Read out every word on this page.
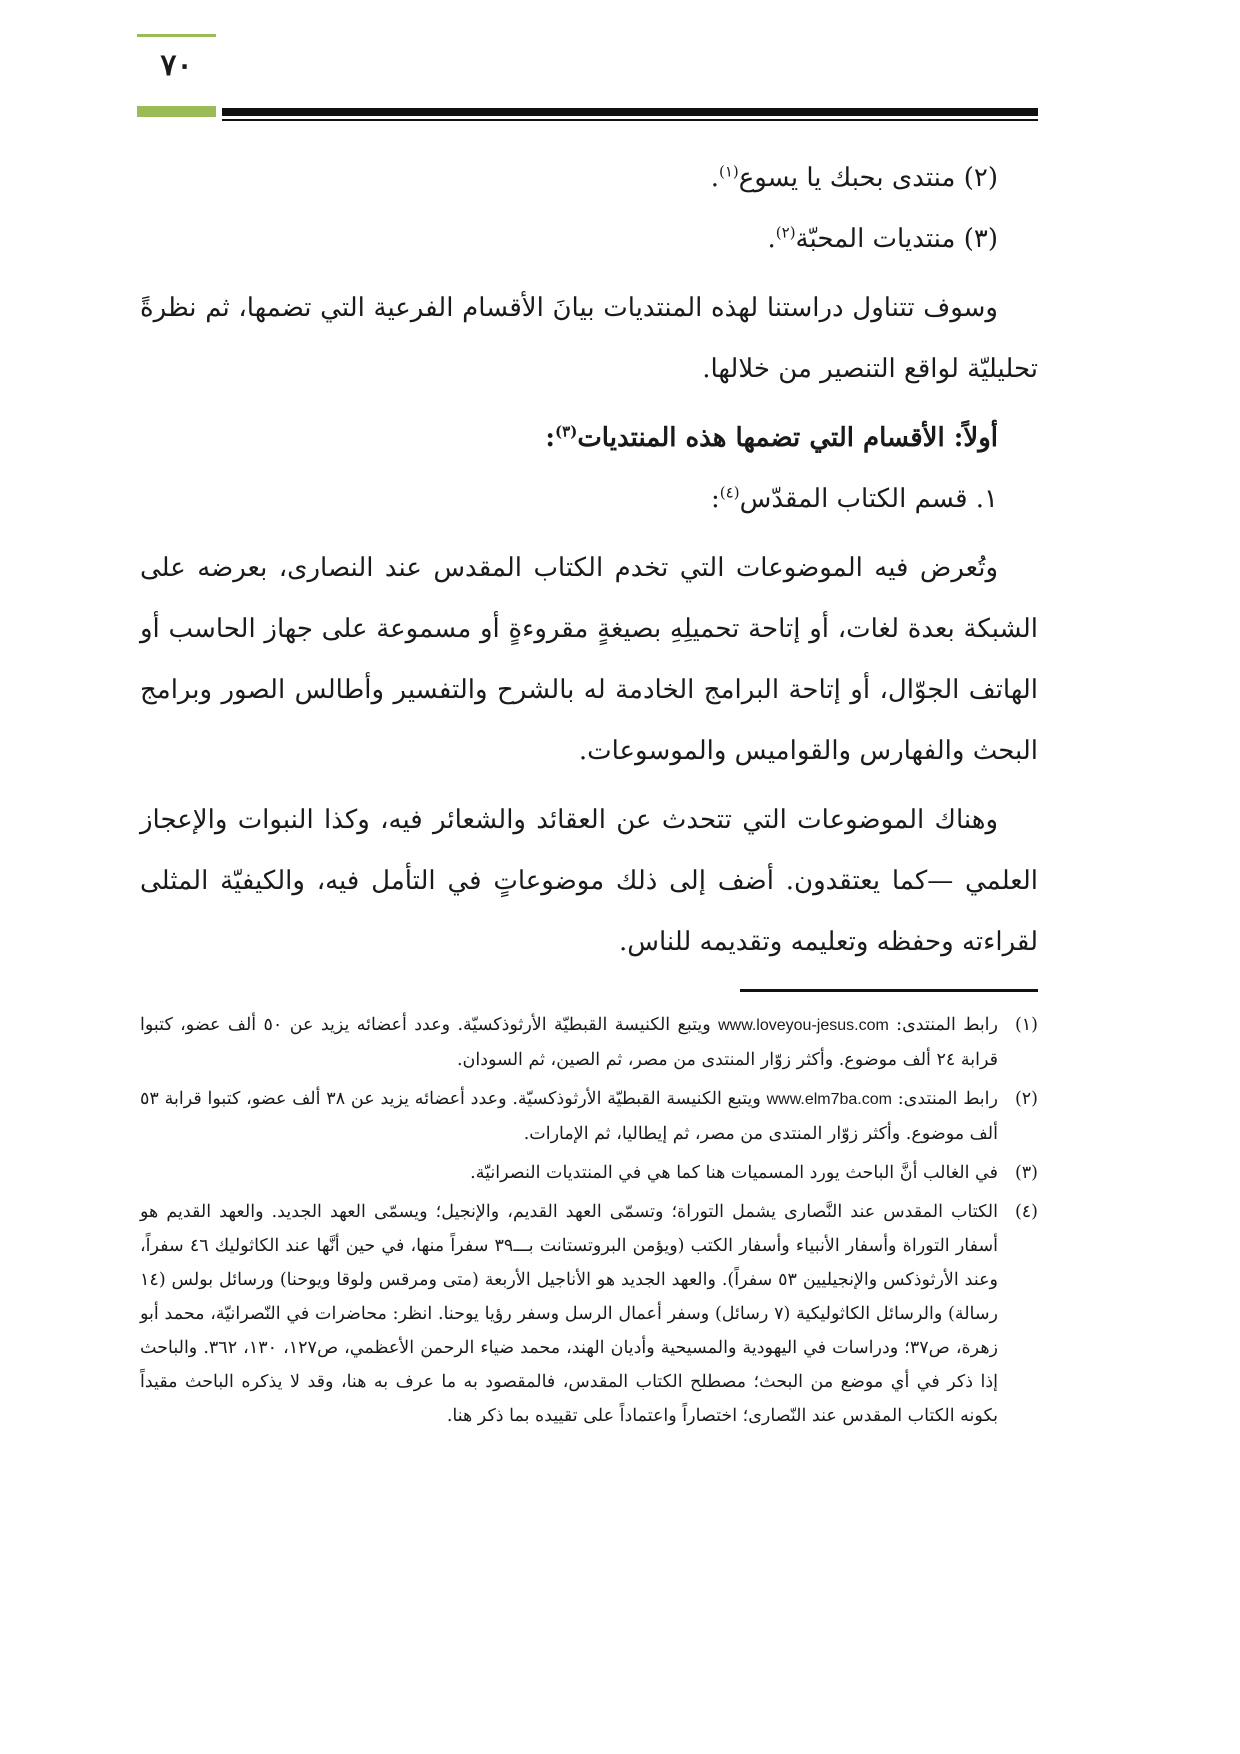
٧٠

(٢) منتدى بحبك يا يسوع$^{(١)}$.

(٣) منتديات المحبّة$^{(٢)}$.

وسوف تتناول دراستنا لهذه المنتديات بيانَ الأقسام الفرعية التي تضمها، ثم نظرةً تحليليّة لواقع التنصير من خلالها.

أولاً: الأقسام التي تضمها هذه المنتديات$^{(٣)}$:

١. قسم الكتاب المقدّس$^{(٤)}$:

وتُعرض فيه الموضوعات التي تخدم الكتاب المقدس عند النصارى، بعرضه على الشبكة بعدة لغات، أو إتاحة تحميلِهِ بصيغةٍ مقروءةٍ أو مسموعة على جهاز الحاسب أو الهاتف الجوّال، أو إتاحة البرامج الخادمة له بالشرح والتفسير وأطالس الصور وبرامج البحث والفهارس والقواميس والموسوعات.

وهناك الموضوعات التي تتحدث عن العقائد والشعائر فيه، وكذا النبوات والإعجاز العلمي —كما يعتقدون. أضف إلى ذلك موضوعاتٍ في التأمل فيه، والكيفيّة المثلى لقراءته وحفظه وتعليمه وتقديمه للناس.

(١)
رابط المنتدى: www.loveyou-jesus.com ويتبع الكنيسة القبطيّة الأرثوذكسيّة. وعدد أعضائه يزيد عن ٥٠ ألف عضو، كتبوا قرابة ٢٤ ألف موضوع. وأكثر زوّار المنتدى من مصر، ثم الصين، ثم السودان.
(٢)
رابط المنتدى: www.elm7ba.com ويتبع الكنيسة القبطيّة الأرثوذكسيّة. وعدد أعضائه يزيد عن ٣٨ ألف عضو، كتبوا قرابة ٥٣ ألف موضوع. وأكثر زوّار المنتدى من مصر، ثم إيطاليا، ثم الإمارات.
(٣)
في الغالب أنَّ الباحث يورد المسميات هنا كما هي في المنتديات النصرانيّة.
(٤)
الكتاب المقدس عند النَّصارى يشمل التوراة؛ وتسمّى العهد القديم، والإنجيل؛ ويسمّى العهد الجديد. والعهد القديم هو أسفار التوراة وأسفار الأنبياء وأسفار الكتب (ويؤمن البروتستانت بـــ٣٩ سفراً منها، في حين أنَّها عند الكاثوليك ٤٦ سفراً، وعند الأرثوذكس والإنجيليين ٥٣ سفراً). والعهد الجديد هو الأناجيل الأربعة (متى ومرقس ولوقا ويوحنا) ورسائل بولس (١٤ رسالة) والرسائل الكاثوليكية (٧ رسائل) وسفر أعمال الرسل وسفر رؤيا يوحنا. انظر: محاضرات في النّصرانيّة، محمد أبو زهرة، ص٣٧؛ ودراسات في اليهودية والمسيحية وأديان الهند، محمد ضياء الرحمن الأعظمي، ص١٢٧، ١٣٠، ٣٦٢. والباحث إذا ذكر في أي موضع من البحث؛ مصطلح الكتاب المقدس، فالمقصود به ما عرف به هنا، وقد لا يذكره الباحث مقيداً بكونه الكتاب المقدس عند النّصارى؛ اختصاراً واعتماداً على تقييده بما ذكر هنا.
